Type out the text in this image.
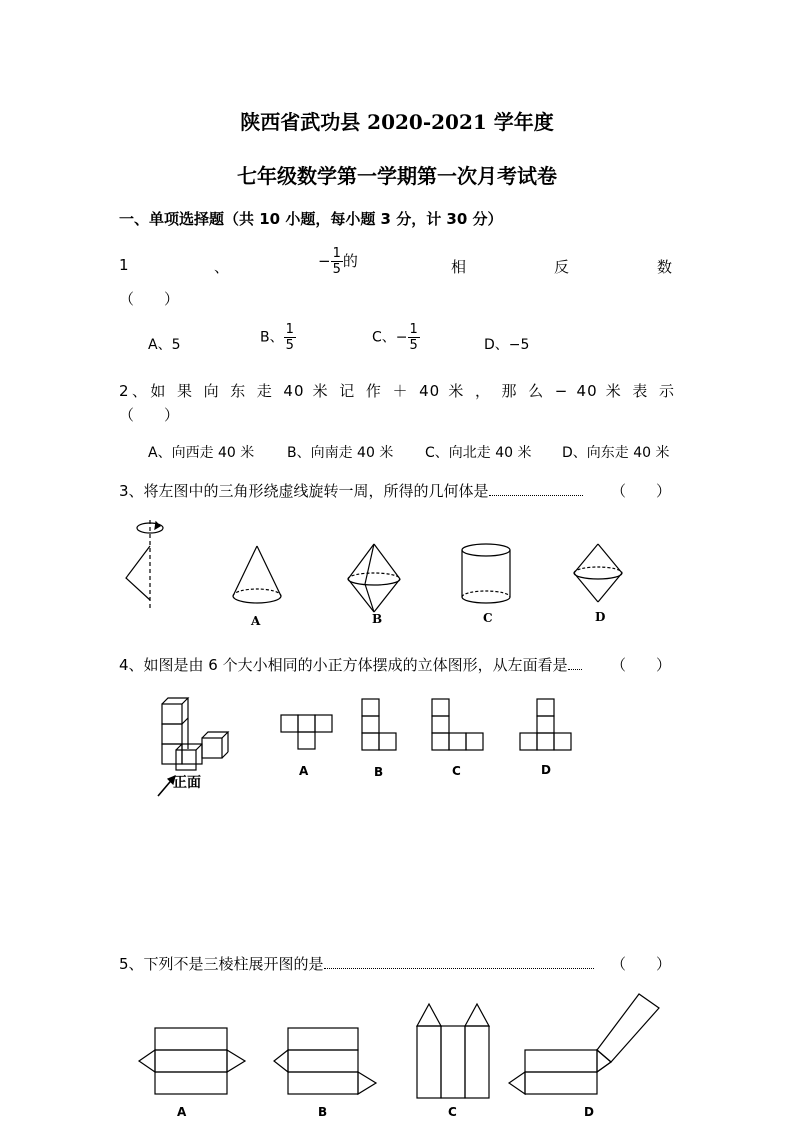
陕西省武功县 2020-2021 学年度
七年级数学第一学期第一次月考试卷
一、单项选择题（共 10 小题，每小题 3 分，计 30 分）
1	、	− $\frac{1}{5}$ 的	相	反	数
（　　）
A、5	B、 $\frac{1}{5}$	C、− $\frac{1}{5}$	D、−5
2、如 果 向 东 走 40 米 记 作 ＋ 40 米 ， 那 么 − 40 米 表 示
（　　）
A、向西走 40 米 B、向南走 40 米 C、向北走 40 米 D、向东走 40 米
3、将左图中的三角形绕虚线旋转一周，所得的几何体是	（　　）
A	B	C	D
4、如图是由 6 个大小相同的小正方体摆成的立体图形，从左面看是	（　　）
正面
A	B	C	D
5、下列不是三棱柱展开图的是	（　　）
A	B	C	D
